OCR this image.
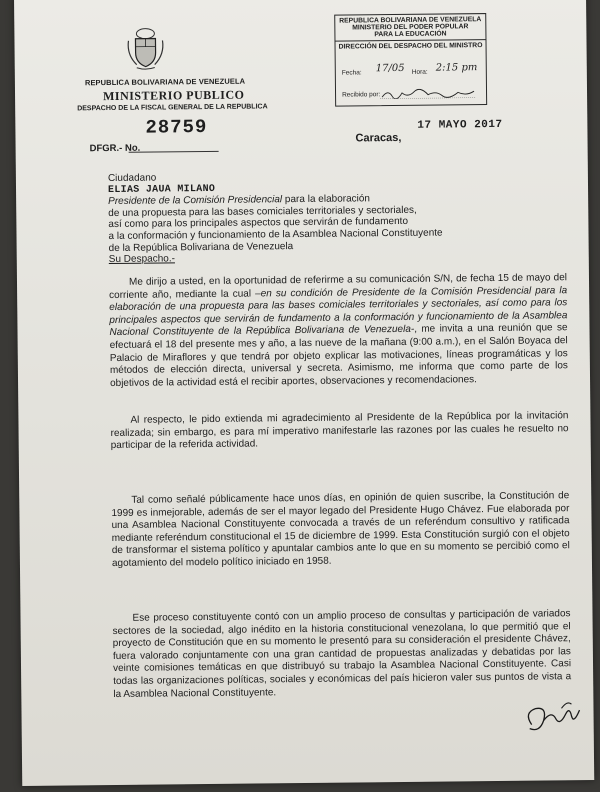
REPUBLICA BOLIVARIANA DE VENEZUELA
MINISTERIO PUBLICO
DESPACHO DE LA FISCAL GENERAL DE LA REPUBLICA
28759
DFGR.- No.
Caracas,
17 MAYO 2017
REPUBLICA BOLIVARIANA DE VENEZUELA
MINISTERIO DEL PODER POPULAR
PARA LA EDUCACIÓN
DIRECCIÓN DEL DESPACHO DEL MINISTRO
Fecha: 17/05 Hora: 2:15 pm
Recibido por:
Ciudadano
ELIAS JAUA MILANO
Presidente de la Comisión Presidencial para la elaboración
de una propuesta para las bases comiciales territoriales y sectoriales,
así como para los principales aspectos que servirán de fundamento
a la conformación y funcionamiento de la Asamblea Nacional Constituyente
de la República Bolivariana de Venezuela
Su Despacho.-
Me dirijo a usted, en la oportunidad de referirme a su comunicación S/N, de fecha 15 de mayo del corriente año, mediante la cual –en su condición de Presidente de la Comisión Presidencial para la elaboración de una propuesta para las bases comiciales territoriales y sectoriales, así como para los principales aspectos que servirán de fundamento a la conformación y funcionamiento de la Asamblea Nacional Constituyente de la República Bolivariana de Venezuela-, me invita a una reunión que se efectuará el 18 del presente mes y año, a las nueve de la mañana (9:00 a.m.), en el Salón Boyaca del Palacio de Miraflores y que tendrá por objeto explicar las motivaciones, líneas programáticas y los métodos de elección directa, universal y secreta. Asimismo, me informa que como parte de los objetivos de la actividad está el recibir aportes, observaciones y recomendaciones.
Al respecto, le pido extienda mi agradecimiento al Presidente de la República por la invitación realizada; sin embargo, es para mí imperativo manifestarle las razones por las cuales he resuelto no participar de la referida actividad.
Tal como señalé públicamente hace unos días, en opinión de quien suscribe, la Constitución de 1999 es inmejorable, además de ser el mayor legado del Presidente Hugo Chávez. Fue elaborada por una Asamblea Nacional Constituyente convocada a través de un referéndum consultivo y ratificada mediante referéndum constitucional el 15 de diciembre de 1999. Esta Constitución surgió con el objeto de transformar el sistema político y apuntalar cambios ante lo que en su momento se percibió como el agotamiento del modelo político iniciado en 1958.
Ese proceso constituyente contó con un amplio proceso de consultas y participación de variados sectores de la sociedad, algo inédito en la historia constitucional venezolana, lo que permitió que el proyecto de Constitución que en su momento le presentó para su consideración el presidente Chávez, fuera valorado conjuntamente con una gran cantidad de propuestas analizadas y debatidas por las veinte comisiones temáticas en que distribuyó su trabajo la Asamblea Nacional Constituyente. Casi todas las organizaciones políticas, sociales y económicas del país hicieron valer sus puntos de vista a la Asamblea Nacional Constituyente.
